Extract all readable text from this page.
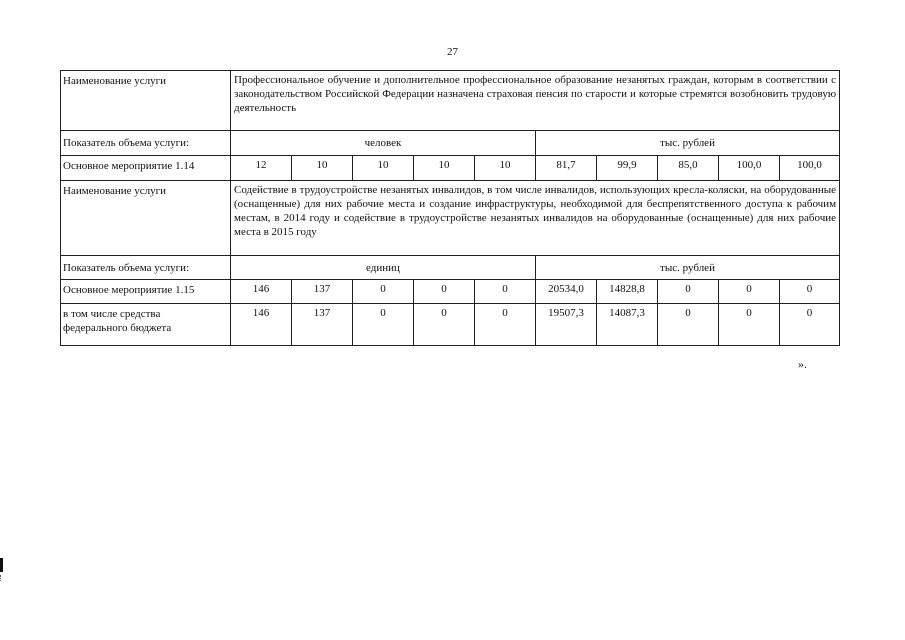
27
Наименование услуги	Профессиональное обучение и дополнительное профессиональное образование незанятых граждан, которым в соответствии с законодательством Российской Федерации назначена страховая пенсия по старости и которые стремятся возобновить трудовую деятельность									
Показатель объема услуги:	человек					тыс. рублей				
Основное мероприятие 1.14	12	10	10	10	10	81,7	99,9	85,0	100,0	100,0
Наименование услуги	Содействие в трудоустройстве незанятых инвалидов, в том числе инвалидов, использующих кресла-коляски, на оборудованные (оснащенные) для них рабочие места и создание инфраструктуры, необходимой для беспрепятственного доступа к рабочим местам, в 2014 году и содействие в трудоустройстве незанятых инвалидов на оборудованные (оснащенные) для них рабочие места в 2015 году									
Показатель объема услуги:	единиц					тыс. рублей				
Основное мероприятие 1.15	146	137	0	0	0	20534,0	14828,8	0	0	0
в том числе средства федерального бюджета	146	137	0	0	0	19507,3	14087,3	0	0	0
».
